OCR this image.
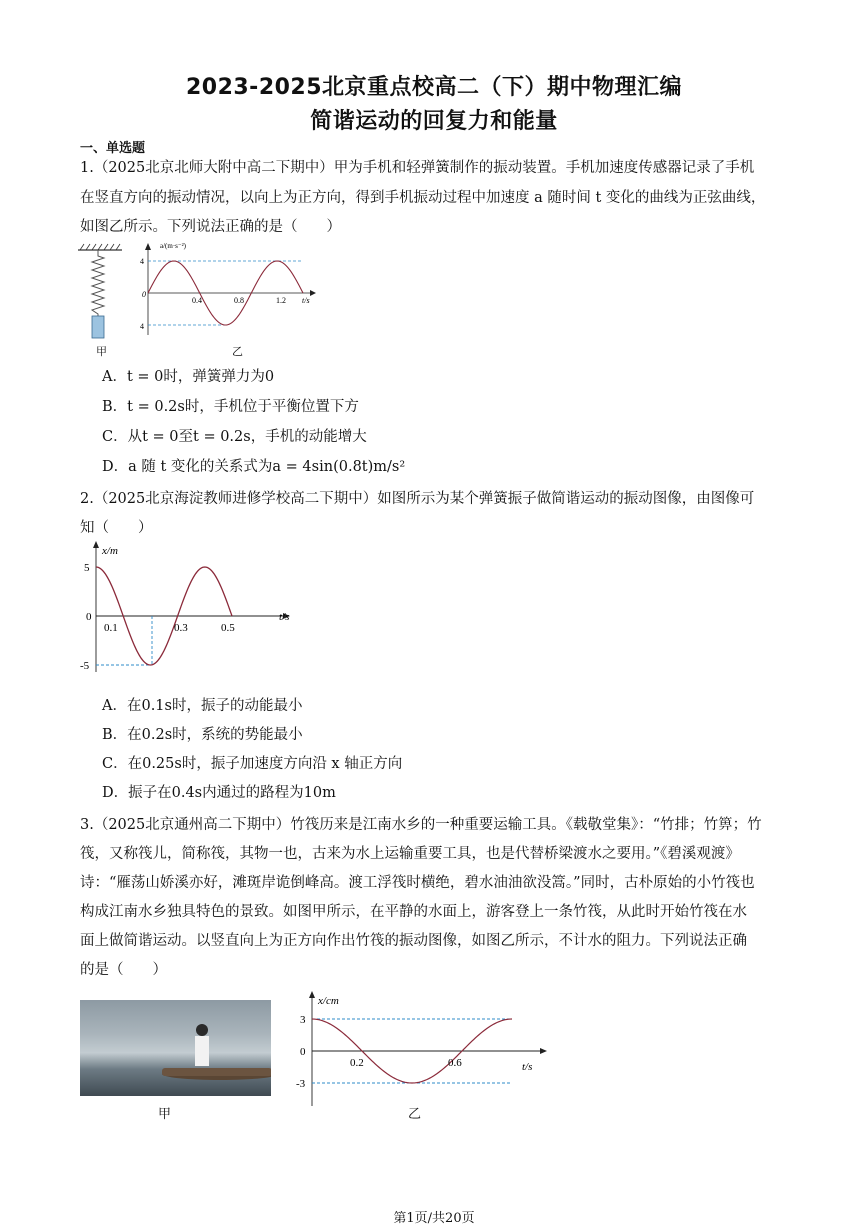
2023-2025北京重点校高二（下）期中物理汇编
简谐运动的回复力和能量
一、单选题
1.（2025北京北师大附中高二下期中）甲为手机和轻弹簧制作的振动装置。手机加速度传感器记录了手机
在竖直方向的振动情况，以向上为正方向，得到手机振动过程中加速度 a 随时间 t 变化的曲线为正弦曲线，
如图乙所示。下列说法正确的是（　　）
甲
a/(m·s⁻²)
4
4
0
0.4	0.8	1.2 t/s
乙
A．t = 0时，弹簧弹力为0
B．t = 0.2s时，手机位于平衡位置下方
C．从t = 0至t = 0.2s，手机的动能增大
D．a 随 t 变化的关系式为a = 4sin(0.8t)m/s²
2.（2025北京海淀教师进修学校高二下期中）如图所示为某个弹簧振子做简谐运动的振动图像，由图像可
知（　　）
x/m
5
0
-5
0.1	0.3	0.5
t/s
A．在0.1s时，振子的动能最小
B．在0.2s时，系统的势能最小
C．在0.25s时，振子加速度方向沿 x 轴正方向
D．振子在0.4s内通过的路程为10m
3.（2025北京通州高二下期中）竹筏历来是江南水乡的一种重要运输工具。《载敬堂集》：“竹排；竹箅；竹
筏，又称筏儿，简称筏，其物一也，古来为水上运输重要工具，也是代替桥梁渡水之要用。”《碧溪观渡》
诗：“雁荡山娇溪亦好，滩斑岸诡倒峰高。渡工浮筏时横绝，碧水油油欲没篙。”同时，古朴原始的小竹筏也
构成江南水乡独具特色的景致。如图甲所示，在平静的水面上，游客登上一条竹筏，从此时开始竹筏在水
面上做简谐运动。以竖直向上为正方向作出竹筏的振动图像，如图乙所示，不计水的阻力。下列说法正确
的是（　　）
甲
x/cm
3
0
-3
0.2	0.6	t/s
乙
第1页/共20页
